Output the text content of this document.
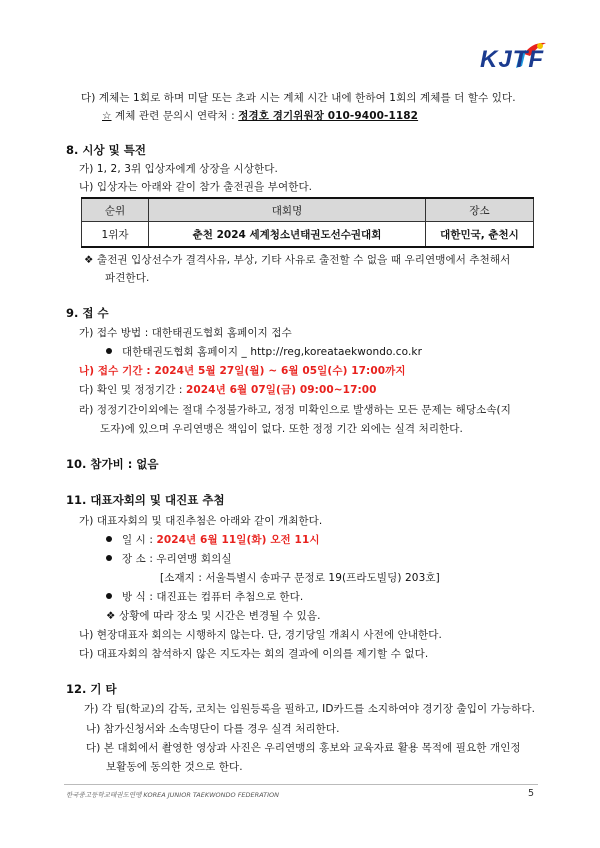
KJTF
다) 계체는 1회로 하며 미달 또는 초과 시는 계체 시간 내에 한하여 1회의 계체를 더 할수 있다.
☆ 계체 관련 문의시 연락처 : 정경호 경기위원장 010-9400-1182
8. 시상 및 특전
가) 1, 2, 3위 입상자에게 상장을 시상한다.
나) 입상자는 아래와 같이 참가 출전권을 부여한다.
순위	대회명	장소
1위자	춘천 2024 세계청소년태권도선수권대회	대한민국, 춘천시
❖ 출전권 입상선수가 결격사유, 부상, 기타 사유로 출전할 수 없을 때 우리연맹에서 추천해서
파견한다.
9. 접 수
가) 접수 방법 : 대한태권도협회 홈페이지 접수
대한태권도협회 홈페이지 _ http://reg,koreataekwondo.co.kr
나) 접수 기간 : 2024년 5월 27일(월) ~ 6월 05일(수) 17:00까지
다) 확인 및 정정기간 : 2024년 6월 07일(금) 09:00~17:00
라) 정정기간이외에는 절대 수정불가하고, 정정 미확인으로 발생하는 모든 문제는 해당소속(지
도자)에 있으며 우리연맹은 책임이 없다. 또한 정정 기간 외에는 실격 처리한다.
10. 참가비 : 없음
11. 대표자회의 및 대진표 추첨
가) 대표자회의 및 대진추첨은 아래와 같이 개최한다.
일 시 : 2024년 6월 11일(화) 오전 11시
장 소 : 우리연맹 회의실
[소재지 : 서울특별시 송파구 문정로 19(프라도빌딩) 203호]
방 식 : 대진표는 컴퓨터 추첨으로 한다.
❖ 상황에 따라 장소 및 시간은 변경될 수 있음.
나) 현장대표자 회의는 시행하지 않는다. 단, 경기당일 개최시 사전에 안내한다.
다) 대표자회의 참석하지 않은 지도자는 회의 결과에 이의를 제기할 수 없다.
12. 기 타
가) 각 팀(학교)의 감독, 코치는 임원등록을 필하고, ID카드를 소지하여야 경기장 출입이 가능하다.
나) 참가신청서와 소속명단이 다를 경우 실격 처리한다.
다) 본 대회에서 촬영한 영상과 사진은 우리연맹의 홍보와 교육자료 활용 목적에 필요한 개인정
보활동에 동의한 것으로 한다.
한국중고등학교태권도연맹 KOREA JUNIOR TAEKWONDO FEDERATION	5
